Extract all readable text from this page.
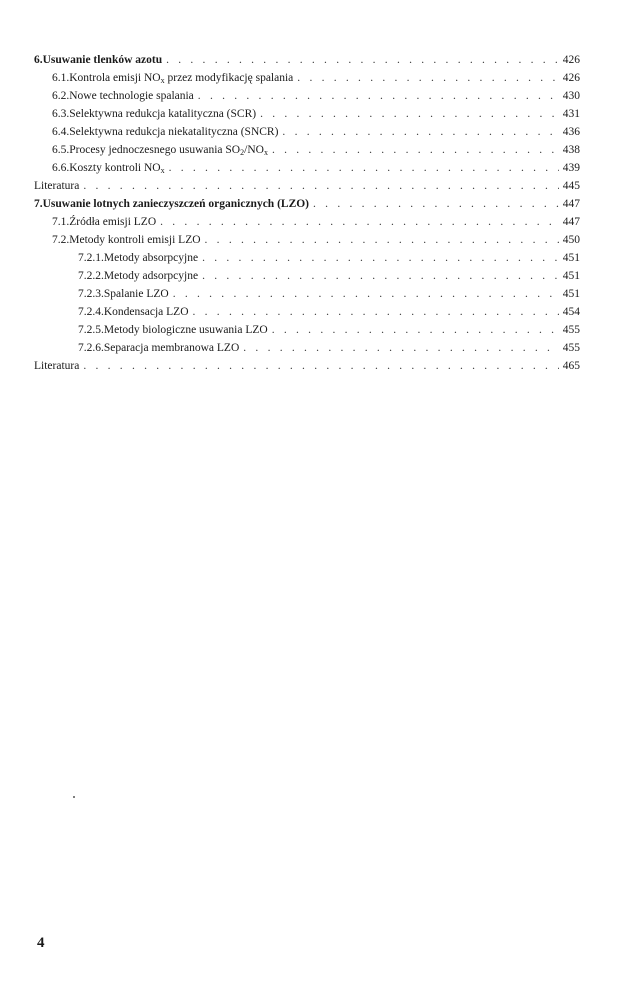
6. Usuwanie tlenków azotu . . .	426
6.1. Kontrola emisji $NO_x$ przez modyfikację spalania . . .	426
6.2. Nowe technologie spalania . . .	430
6.3. Selektywna redukcja katalityczna (SCR) . . .	431
6.4. Selektywna redukcja niekatalityczna (SNCR) . . .	436
6.5. Procesy jednoczesnego usuwania $SO_2/NO_x$ . . .	438
6.6. Koszty kontroli $NO_x$ . . .	439
Literatura . . .	445
7. Usuwanie lotnych zanieczyszczeń organicznych (LZO) . . .	447
7.1. Źródła emisji LZO . . .	447
7.2. Metody kontroli emisji LZO . . .	450
7.2.1. Metody absorpcyjne . . .	451
7.2.2. Metody adsorpcyjne . . .	451
7.2.3. Spalanie LZO . . .	451
7.2.4. Kondensacja LZO . . .	454
7.2.5. Metody biologiczne usuwania LZO . . .	455
7.2.6. Separacja membranowa LZO . . .	455
Literatura . . .	465
4
